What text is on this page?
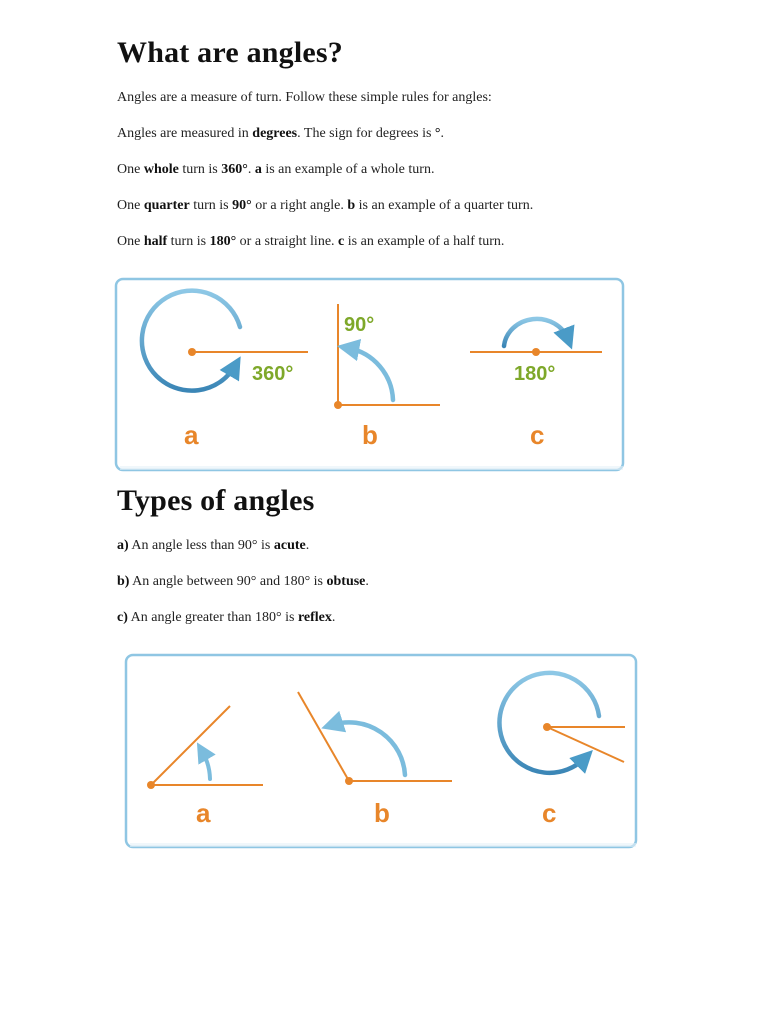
What are angles?

Angles are a measure of turn. Follow these simple rules for angles:

Angles are measured in degrees. The sign for degrees is °.

One whole turn is 360°. a is an example of a whole turn.

One quarter turn is 90° or a right angle. b is an example of a quarter turn.

One half turn is 180° or a straight line. c is an example of a half turn.

360°
a
90°
b
180°
c
Types of angles

a) An angle less than 90° is acute.

b) An angle between 90° and 180° is obtuse.

c) An angle greater than 180° is reflex.

a	b	c
